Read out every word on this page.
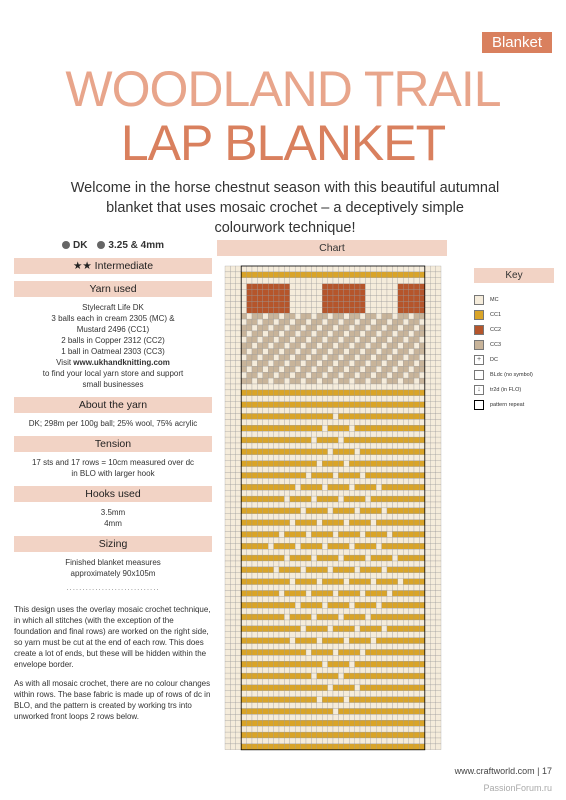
Blanket
WOODLAND TRAIL
LAP BLANKET
Welcome in the horse chestnut season with this beautiful autumnal blanket that uses mosaic crochet – a deceptively simple colourwork technique!
DK	3.25 & 4mm
★★ Intermediate
Yarn used

Stylecraft Life DK

3 balls each in cream 2305 (MC) &

Mustard 2496 (CC1)

2 balls in Copper 2312 (CC2)

1 ball in Oatmeal 2303 (CC3)

Visit www.ukhandknitting.com

to find your local yarn store and support

small businesses

About the yarn

DK; 298m per 100g ball; 25% wool, 75% acrylic

Tension

17 sts and 17 rows = 10cm measured over dc

in BLO with larger hook

Hooks used

3.5mm

4mm

Sizing

Finished blanket measures

approximately 90x105m

.............................

This design uses the overlay mosaic crochet technique, in which all stitches (with the exception of the foundation and final rows) are worked on the right side, so yarn must be cut at the end of each row. This does create a lot of ends, but these will be hidden within the envelope border.

As with all mosaic crochet, there are no colour changes within rows. The base fabric is made up of rows of dc in BLO, and the pattern is created by working trs into unworked front loops 2 rows below.

Chart
Key
MC
CC1
CC2
CC3
+	DC
BLdc (no symbol)
↓	tr2d (in FLO)
pattern repeat
www.craftworld.com | 17
PassionForum.ru
